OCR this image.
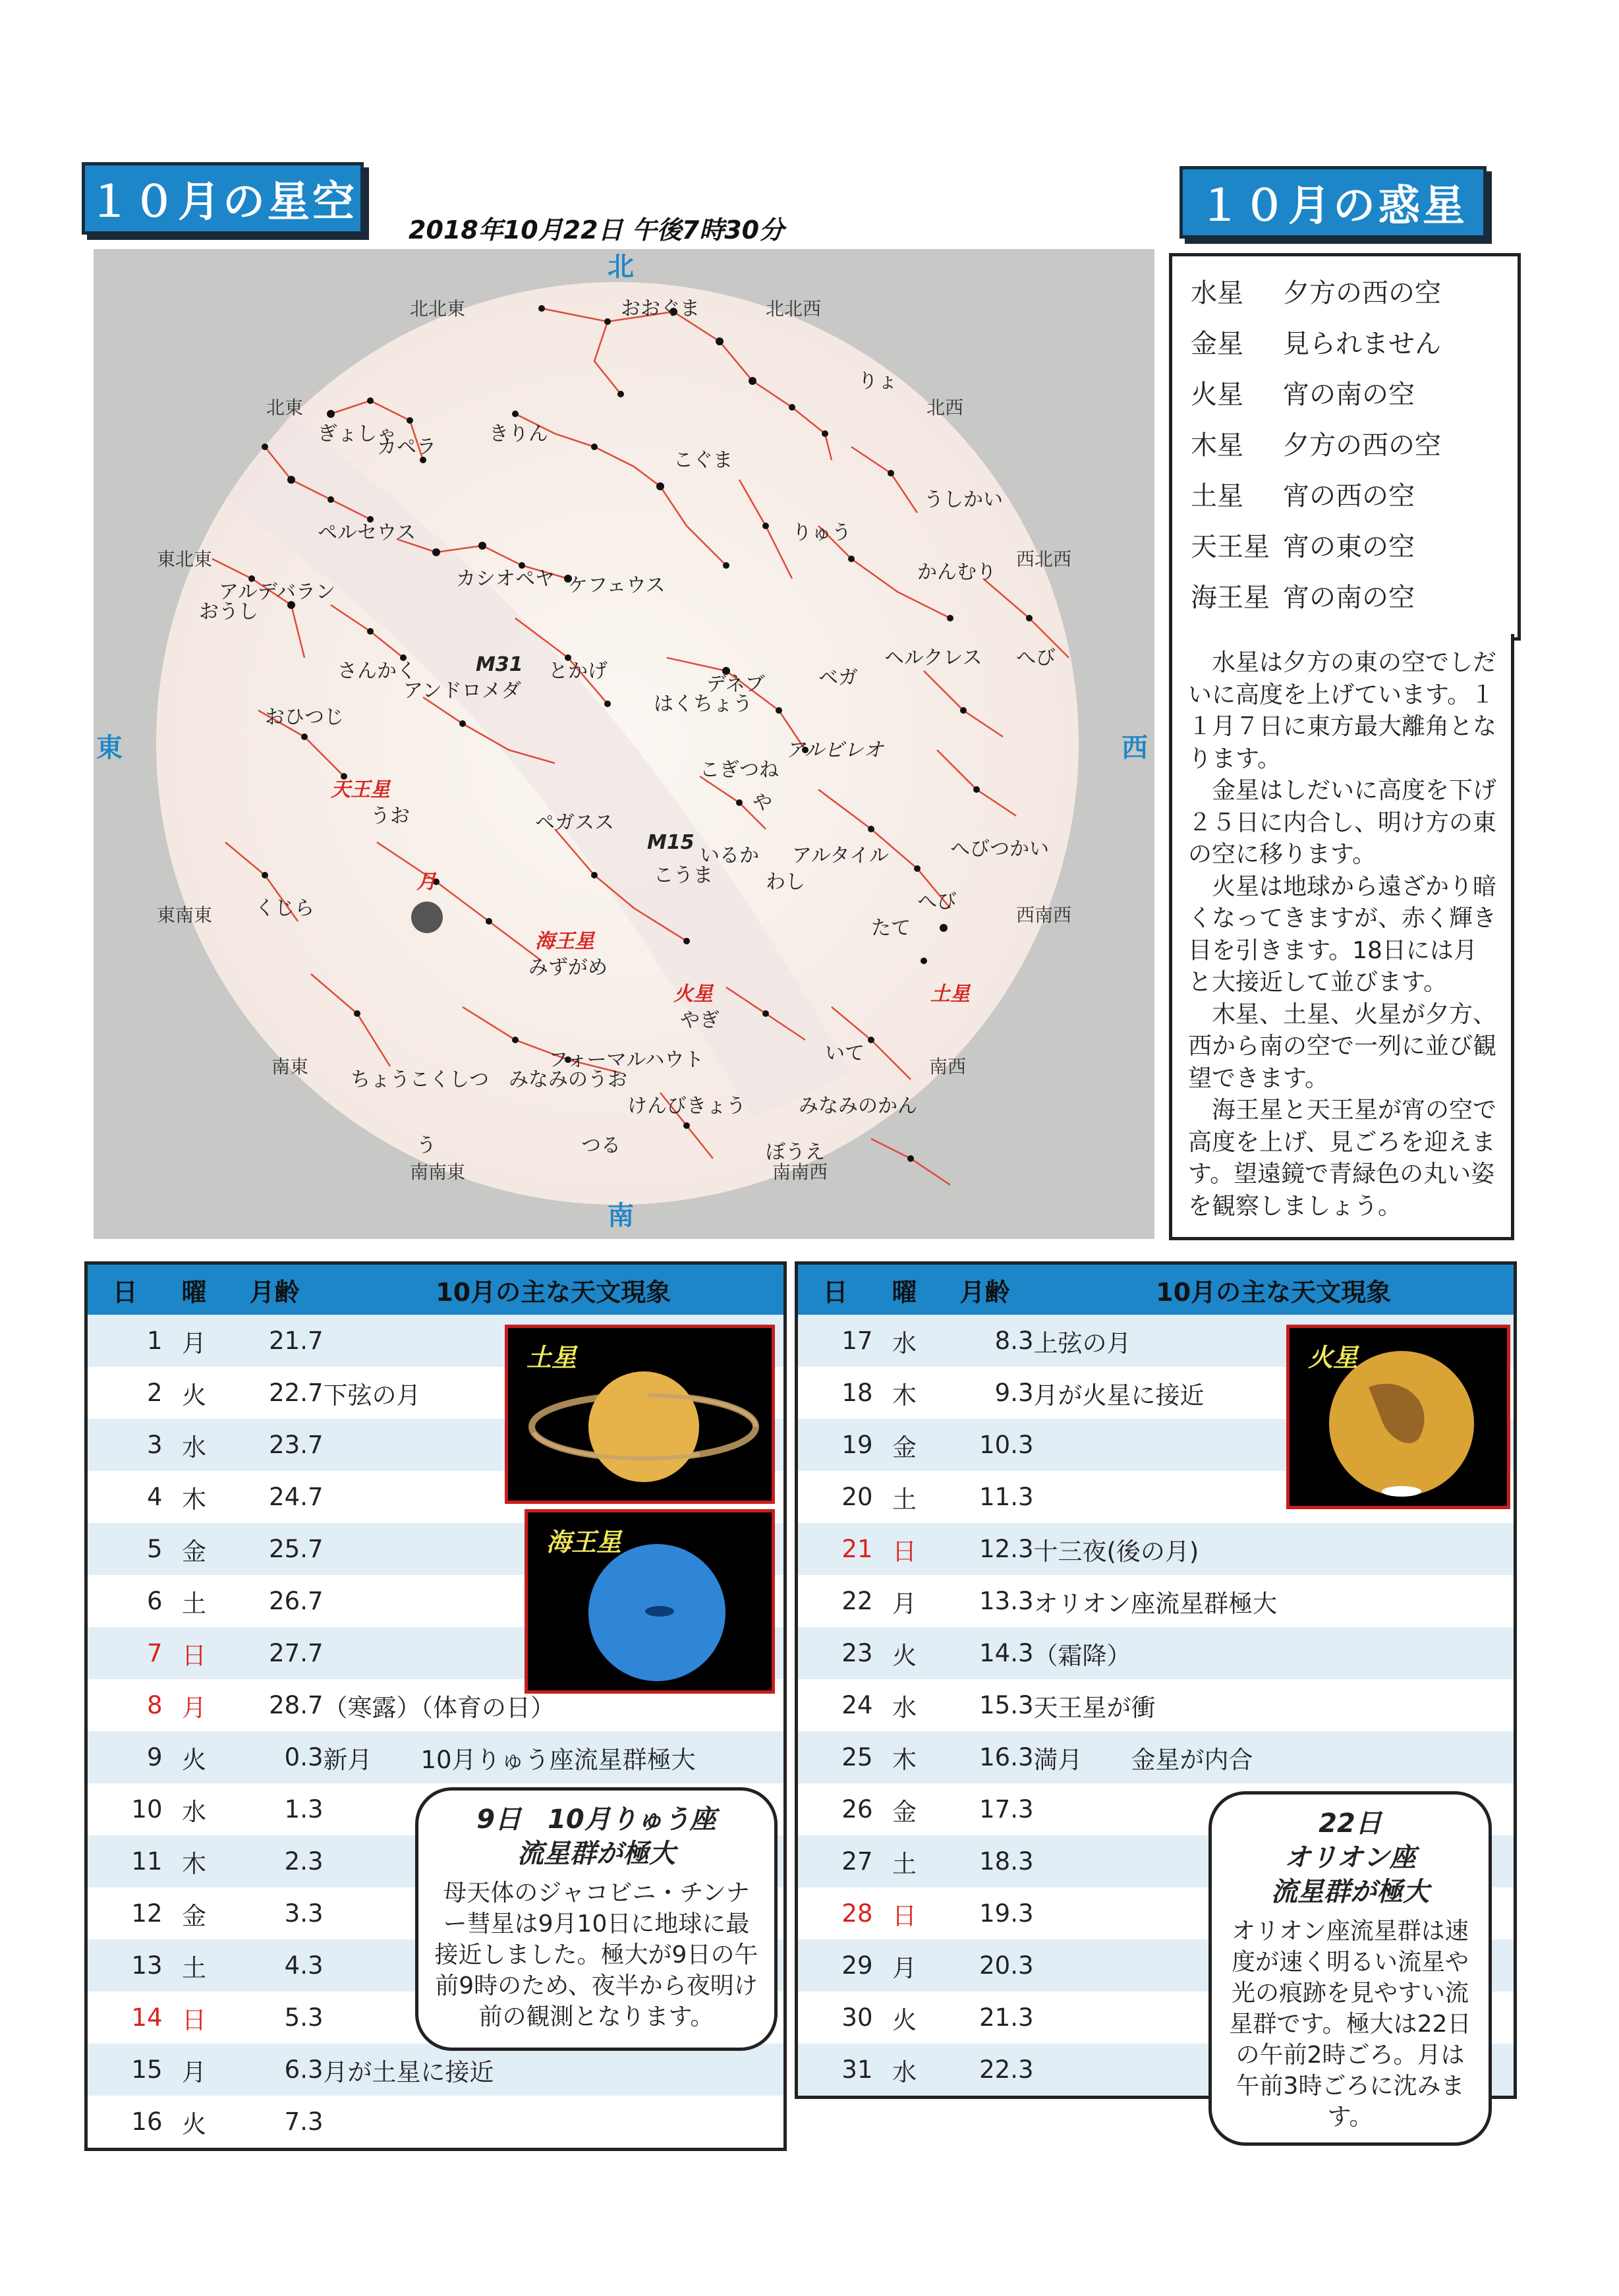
１０月の星空
2018年10月22日 午後7時30分	１０月の惑星
北
南
東	西
北北東	北北西
北東	北西
東北東	西北西
東南東	西南西
南東	南西
南南東	南南西
おおぐま
りょ
きりん
こぐま
うしかい
ぎょしゃ
カペラ
ペルセウス	りゅう
アルデバラン
おうし
カシオペヤ ケフェウス
かんむり
M31
さんかく	とかげ
アンドロメダ	デネブ	ベガ
ヘルクレス へび
はくちょう
おひつじ
アルビレオ
こぎつね
や
天王星
うお	ペガスス
M15
いるか アルタイル	へびつかい
こうま	わし
へび
たて
くじら
月
海王星
みずがめ
火星
やぎ
土星
いて
ちょうこくしつ みなみのうお
フォーマルハウト
けんびきょう	みなみのかん
つる	ぼうえ
う
水星	夕方の西の空
金星	見られません
火星	宵の南の空
木星	夕方の西の空
土星	宵の西の空
天王星 宵の東の空
海王星 宵の南の空

水星は夕方の東の空でしだいに高度を上げています。１１月７日に東方最大離角となります。

金星はしだいに高度を下げ２５日に内合し、明け方の東の空に移ります。

火星は地球から遠ざかり暗くなってきますが、赤く輝き目を引きます。18日には月と大接近して並びます。

木星、土星、火星が夕方、西から南の空で一列に並び観望できます。

海王星と天王星が宵の空で高度を上げ、見ごろを迎えます。望遠鏡で青緑色の丸い姿を観察しましょう。

日	曜	月齢	10月の主な天文現象
1	月	21.7	
2	火	22.7	下弦の月
3	水	23.7	
4	木	24.7	
5	金	25.7	
6	土	26.7	
7	日	27.7	
8	月	28.7	（寒露）（体育の日）
9	火	0.3	新月　　10月りゅう座流星群極大
10	水	1.3	
11	木	2.3	
12	金	3.3	
13	土	4.3	
14	日	5.3	
15	月	6.3	月が土星に接近
16	火	7.3	
日	曜	月齢	10月の主な天文現象
17	水	8.3	上弦の月
18	木	9.3	月が火星に接近
19	金	10.3	
20	土	11.3	
21	日	12.3	十三夜(後の月)
22	月	13.3	オリオン座流星群極大
23	火	14.3	（霜降）
24	水	15.3	天王星が衝
25	木	16.3	満月　　金星が内合
26	金	17.3	
27	土	18.3	
28	日	19.3	
29	月	20.3	
30	火	21.3	
31	水	22.3	
土星
海王星
火星
9日　10月りゅう座
流星群が極大
母天体のジャコビニ・チンナー彗星は9月10日に地球に最接近しました。極大が9日の午前9時のため、夜半から夜明け前の観測となります。
22日
オリオン座
流星群が極大
オリオン座流星群は速度が速く明るい流星や光の痕跡を見やすい流星群です。極大は22日の午前2時ごろ。月は午前3時ごろに沈みます。
